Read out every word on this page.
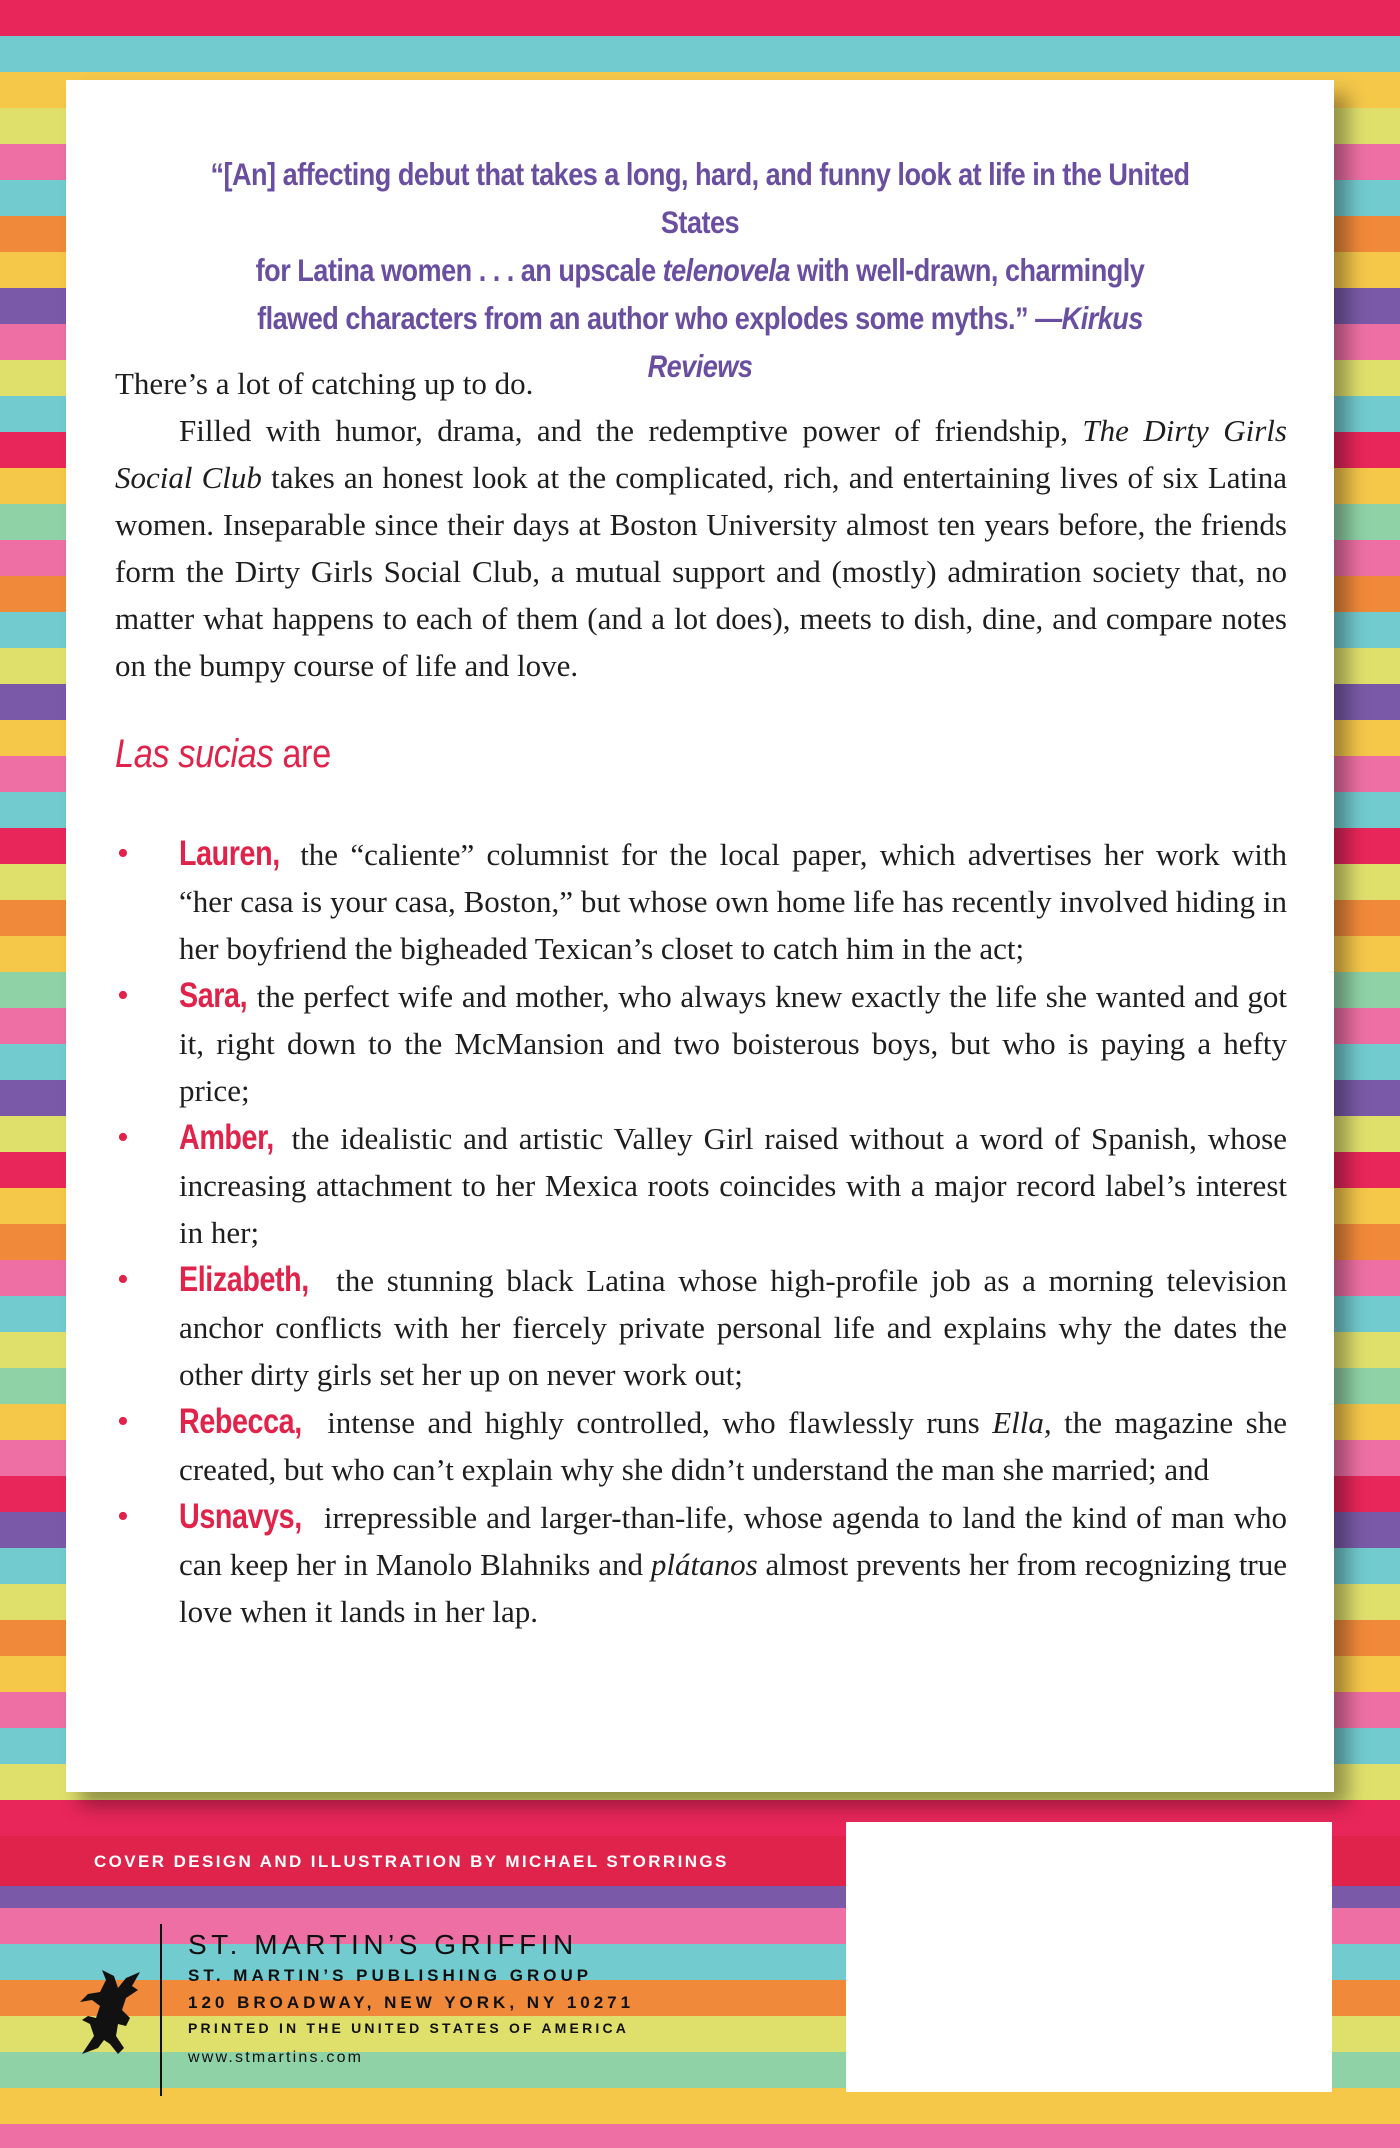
“[An] affecting debut that takes a long, hard, and funny look at life in the United States
for Latina women . . . an upscale telenovela with well-drawn, charmingly
flawed characters from an author who explodes some myths.” —Kirkus Reviews

There’s a lot of catching up to do.

Filled with humor, drama, and the redemptive power of friendship, The Dirty Girls Social Club takes an honest look at the complicated, rich, and entertaining lives of six Latina women. Inseparable since their days at Boston University almost ten years before, the friends form the Dirty Girls Social Club, a mutual support and (mostly) admiration society that, no matter what happens to each of them (and a lot does), meets to dish, dine, and compare notes on the bumpy course of life and love.

Las sucias are
• Lauren, the “caliente” columnist for the local paper, which advertises her work with “her casa is your casa, Boston,” but whose own home life has recently involved hiding in her boyfriend the bigheaded Texican’s closet to catch him in the act;
• Sara, the perfect wife and mother, who always knew exactly the life she wanted and got it, right down to the McMansion and two boisterous boys, but who is paying a hefty price;
• Amber, the idealistic and artistic Valley Girl raised without a word of Spanish, whose increasing attachment to her Mexica roots coincides with a major record label’s interest in her;
• Elizabeth, the stunning black Latina whose high-profile job as a morning television anchor conflicts with her fiercely private personal life and explains why the dates the other dirty girls set her up on never work out;
• Rebecca, intense and highly controlled, who flawlessly runs Ella, the magazine she created, but who can’t explain why she didn’t understand the man she married; and
• Usnavys, irrepressible and larger-than-life, whose agenda to land the kind of man who can keep her in Manolo Blahniks and plátanos almost prevents her from recognizing true love when it lands in her lap.
COVER DESIGN AND ILLUSTRATION BY MICHAEL STORRINGS
ST. MARTIN’S GRIFFIN
ST. MARTIN’S PUBLISHING GROUP
120 BROADWAY, NEW YORK, NY 10271
PRINTED IN THE UNITED STATES OF AMERICA
www.stmartins.com
